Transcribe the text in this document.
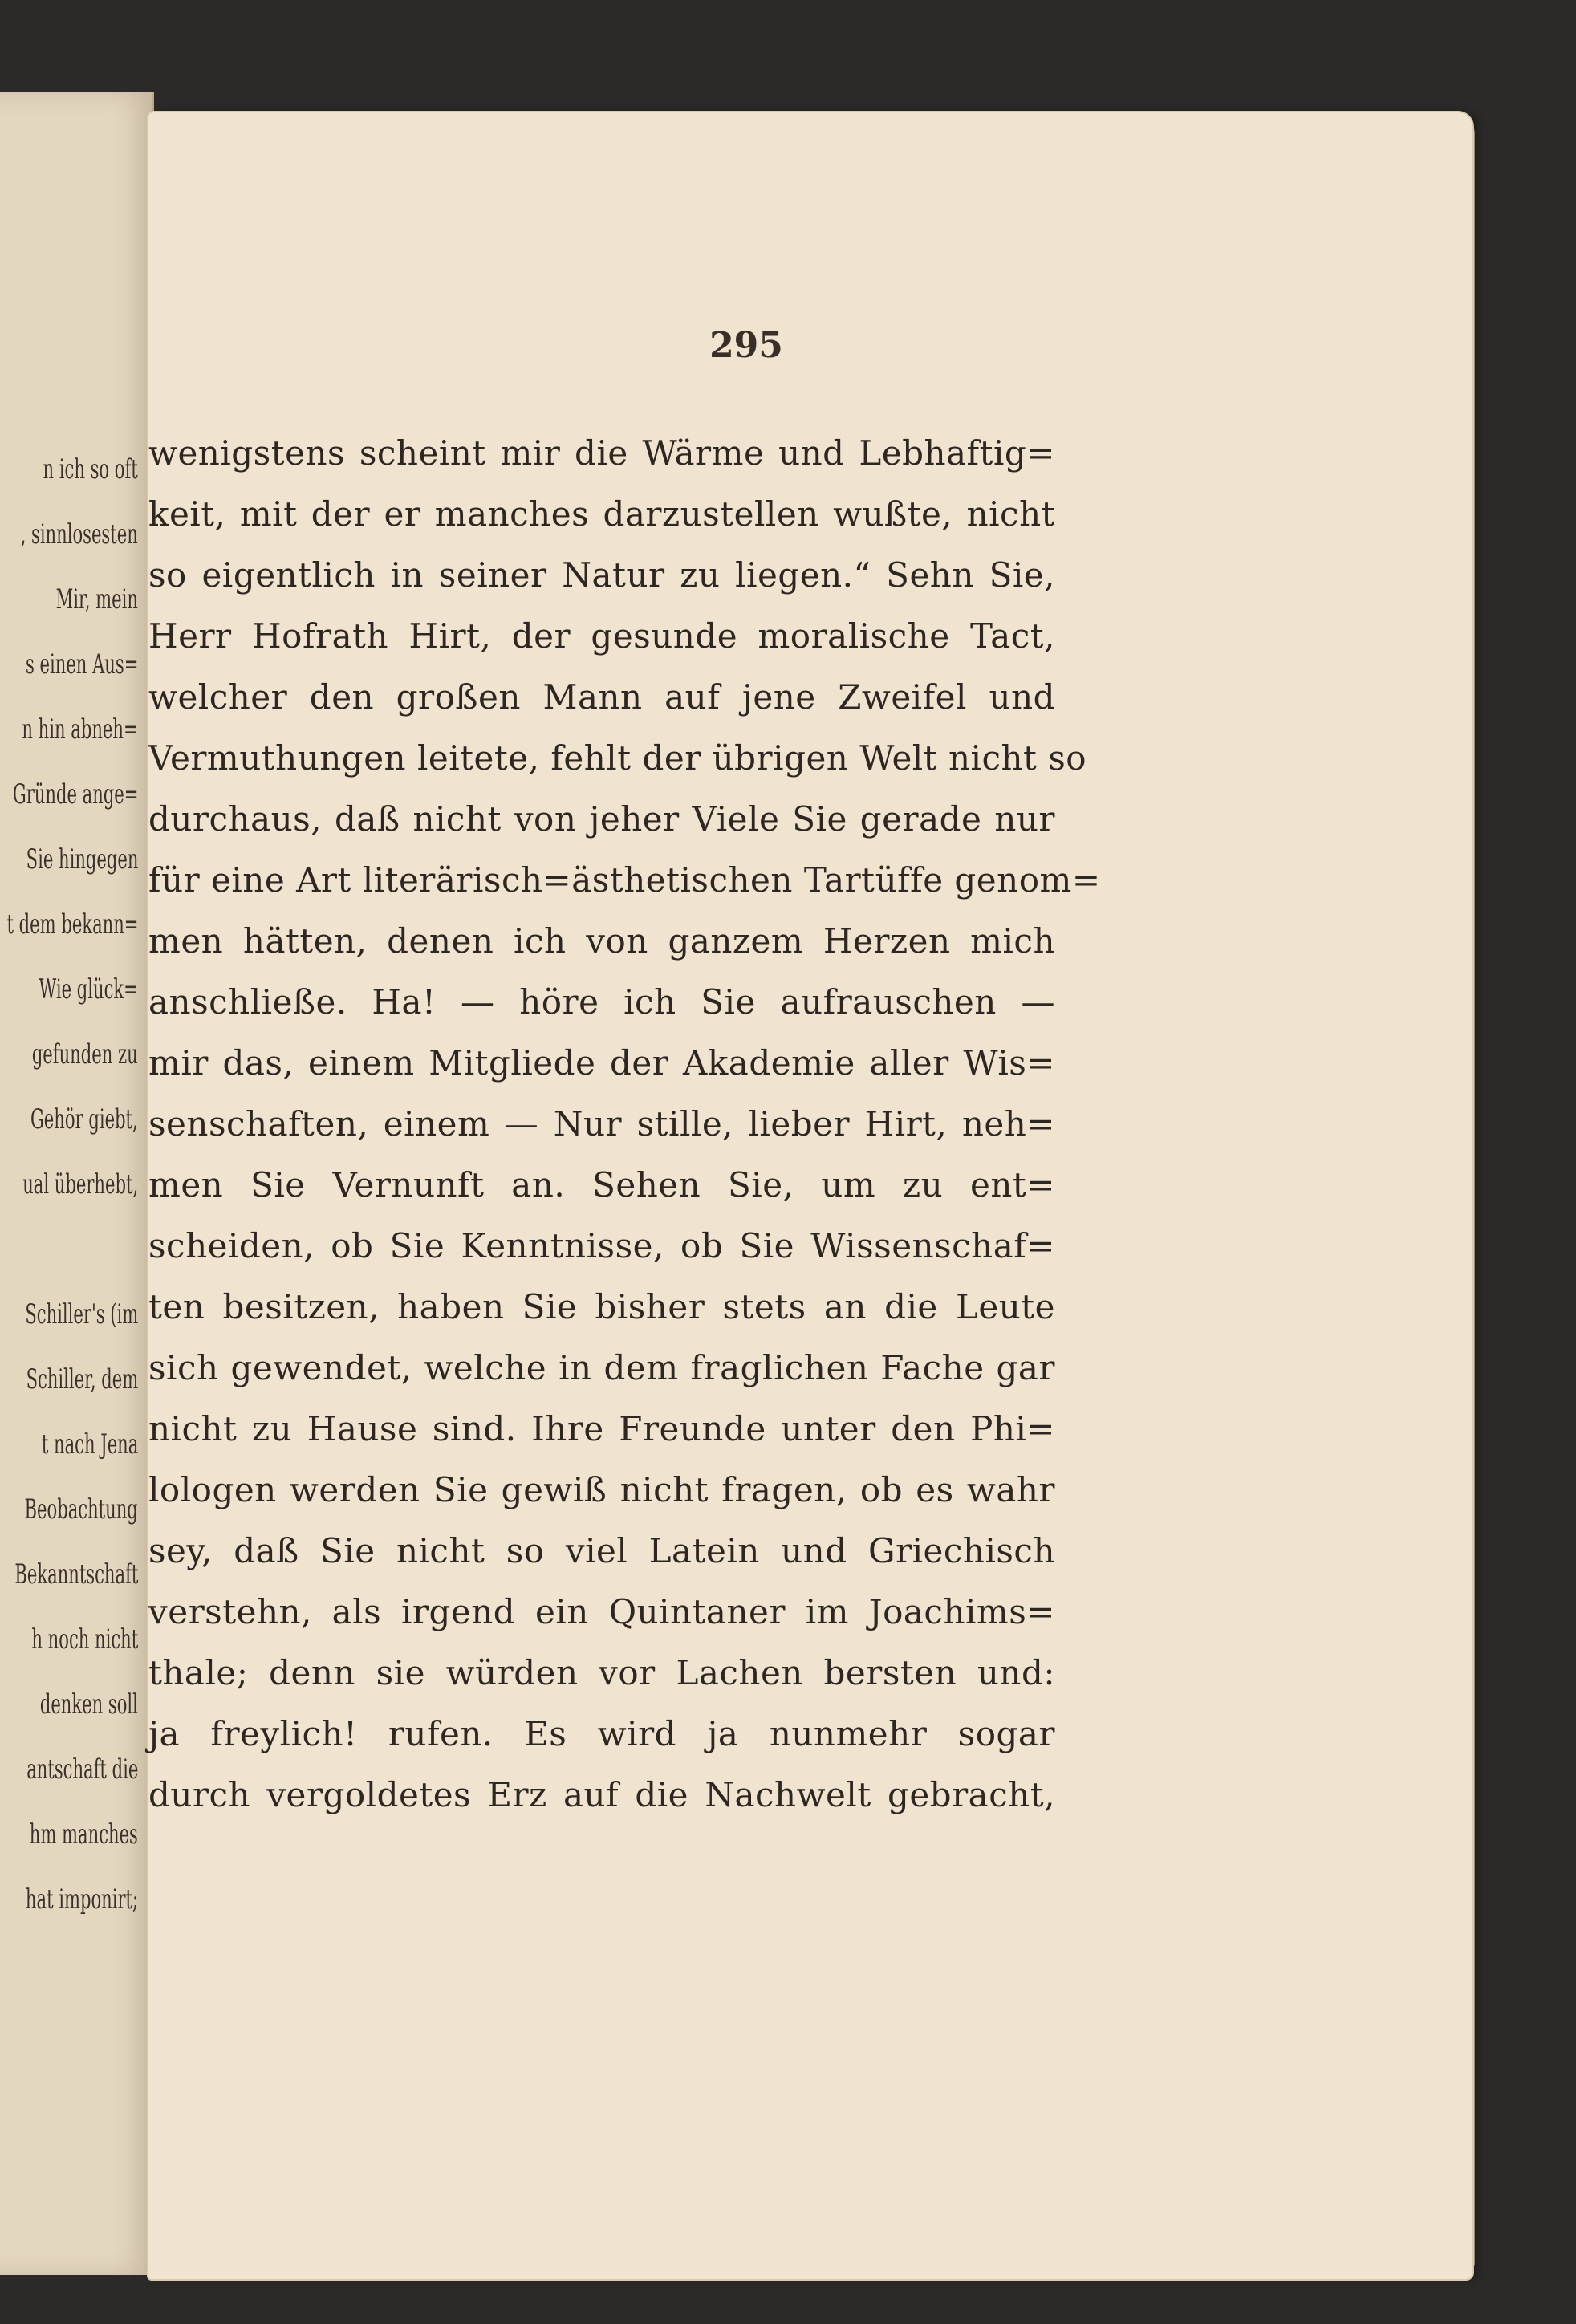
n ich so oft
, sinnlosesten
Mir, mein
s einen Aus=
n hin abneh=
Gründe ange=
Sie hingegen
t dem bekann=
Wie glück=
gefunden zu
Gehör giebt,
ual überhebt,
Schiller's (im
Schiller, dem
t nach Jena
Beobachtung
Bekanntschaft
h noch nicht
denken soll
antschaft die
hm manches
hat imponirt;
295
wenigstens scheint mir die Wärme und Lebhaftig=
keit, mit der er manches darzustellen wußte, nicht
so eigentlich in seiner Natur zu liegen.“ Sehn Sie,
Herr Hofrath Hirt, der gesunde moralische Tact,
welcher den großen Mann auf jene Zweifel und
Vermuthungen leitete, fehlt der übrigen Welt nicht so
durchaus, daß nicht von jeher Viele Sie gerade nur
für eine Art literärisch=ästhetischen Tartüffe genom=
men hätten, denen ich von ganzem Herzen mich
anschließe. Ha! — höre ich Sie aufrauschen —
mir das, einem Mitgliede der Akademie aller Wis=
senschaften, einem — Nur stille, lieber Hirt, neh=
men Sie Vernunft an. Sehen Sie, um zu ent=
scheiden, ob Sie Kenntnisse, ob Sie Wissenschaf=
ten besitzen, haben Sie bisher stets an die Leute
sich gewendet, welche in dem fraglichen Fache gar
nicht zu Hause sind. Ihre Freunde unter den Phi=
lologen werden Sie gewiß nicht fragen, ob es wahr
sey, daß Sie nicht so viel Latein und Griechisch
verstehn, als irgend ein Quintaner im Joachims=
thale; denn sie würden vor Lachen bersten und:
ja freylich! rufen. Es wird ja nunmehr sogar
durch vergoldetes Erz auf die Nachwelt gebracht,
